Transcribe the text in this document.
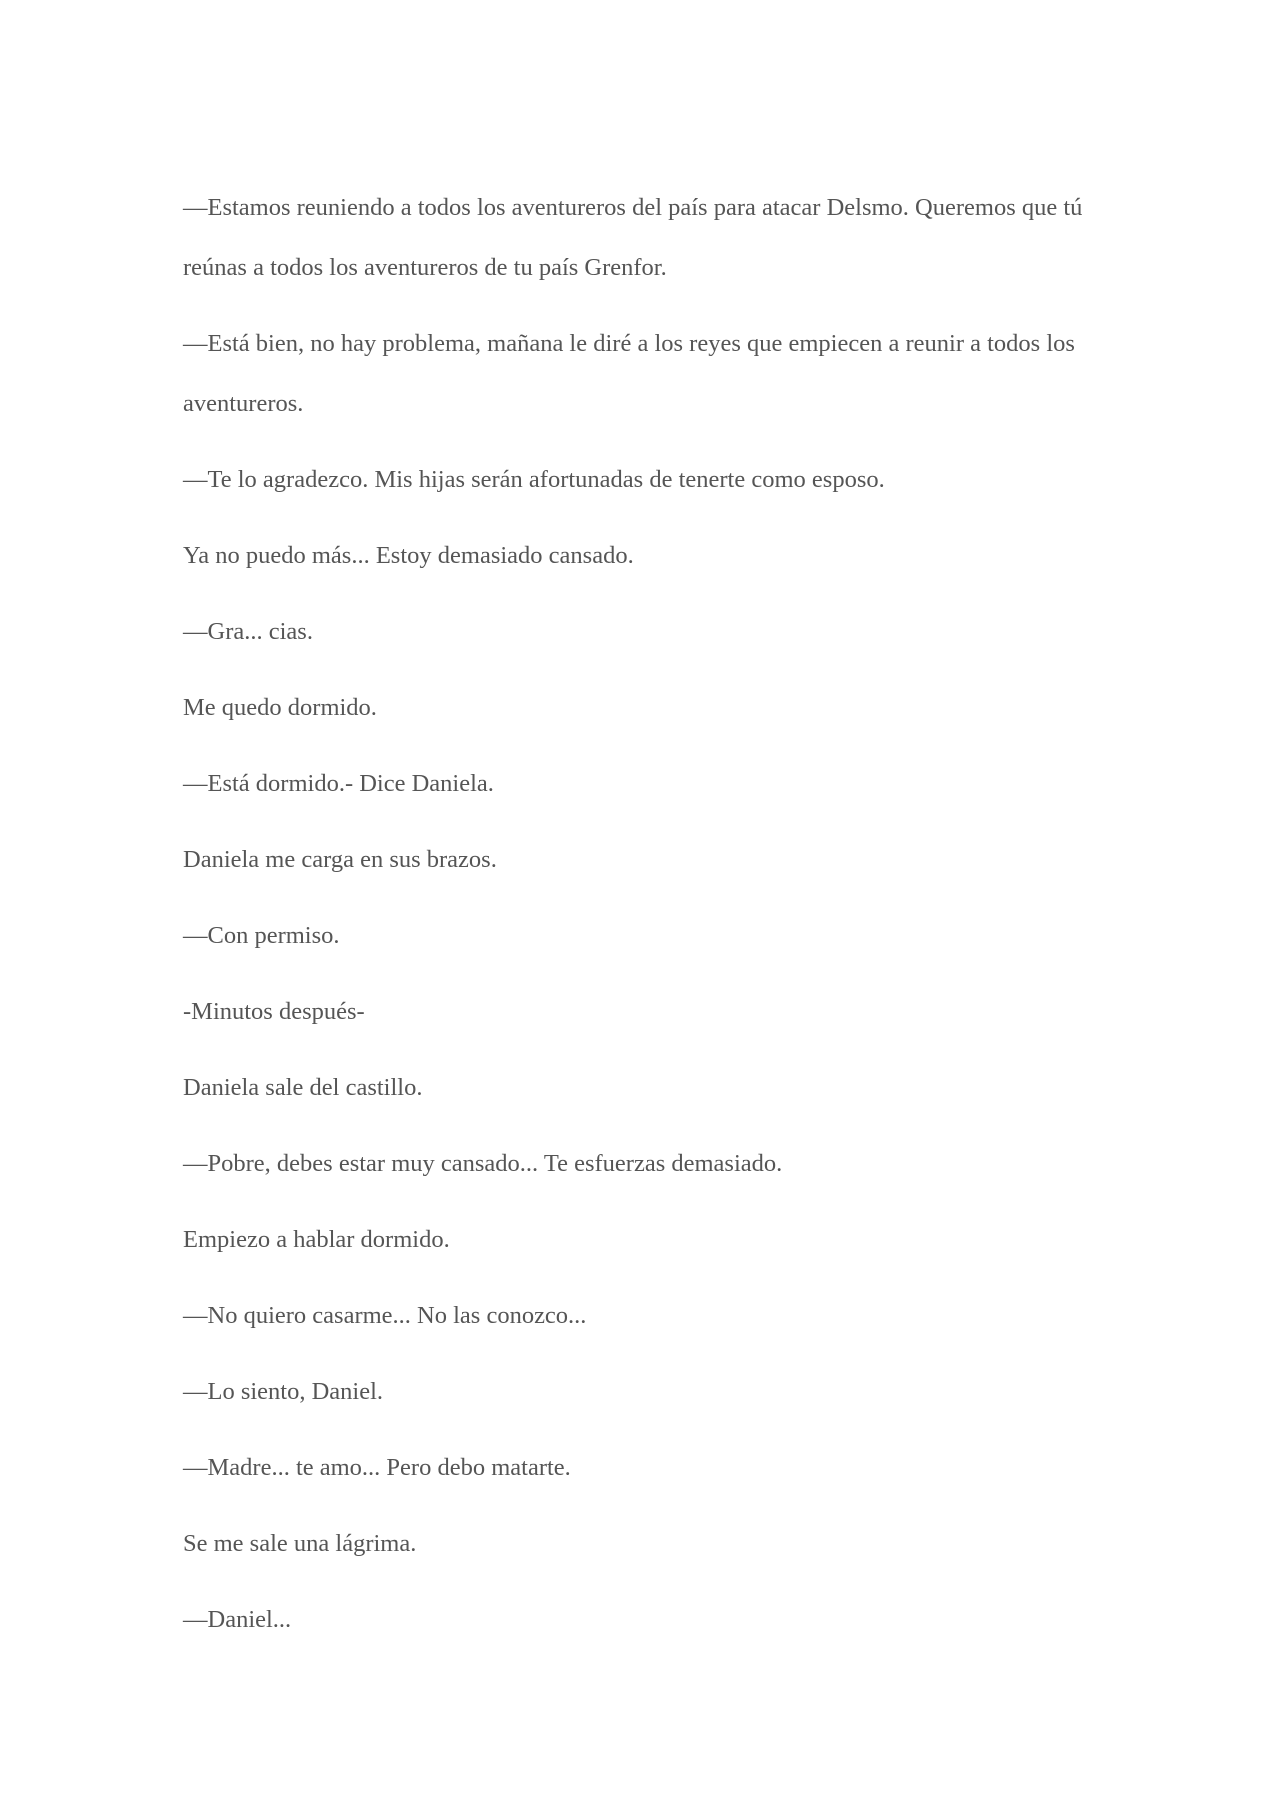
—Estamos reuniendo a todos los aventureros del país para atacar Delsmo. Queremos que tú reúnas a todos los aventureros de tu país Grenfor.

—Está bien, no hay problema, mañana le diré a los reyes que empiecen a reunir a todos los aventureros.

—Te lo agradezco. Mis hijas serán afortunadas de tenerte como esposo.

Ya no puedo más... Estoy demasiado cansado.

—Gra... cias.

Me quedo dormido.

—Está dormido.- Dice Daniela.

Daniela me carga en sus brazos.

—Con permiso.

-Minutos después-

Daniela sale del castillo.

—Pobre, debes estar muy cansado... Te esfuerzas demasiado.

Empiezo a hablar dormido.

—No quiero casarme... No las conozco...

—Lo siento, Daniel.

—Madre... te amo... Pero debo matarte.

Se me sale una lágrima.

—Daniel...
